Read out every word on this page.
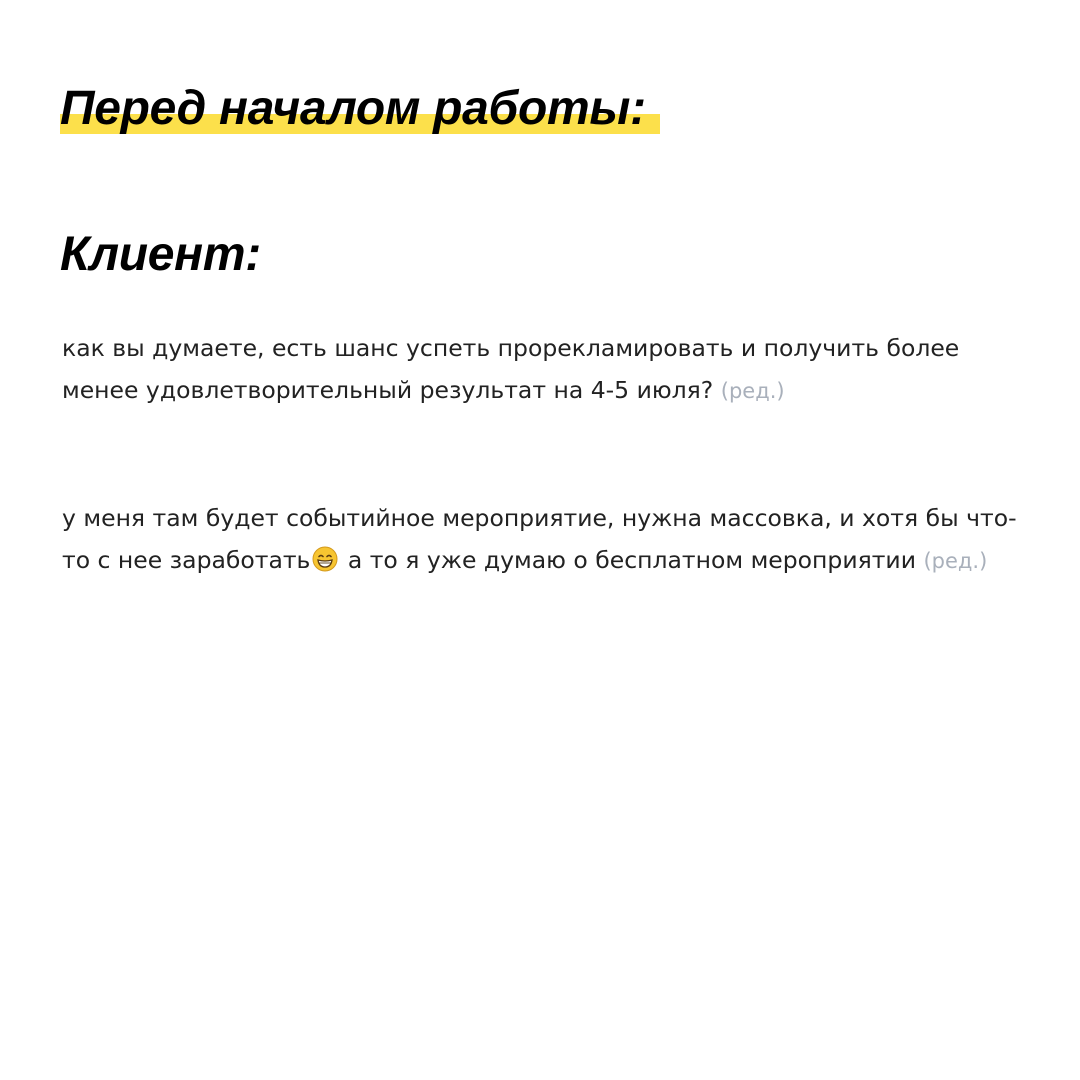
Перед началом работы:
Клиент:

как вы думаете, есть шанс успеть прорекламировать и получить более менее удовлетворительный результат на 4-5 июля? (ред.)

у меня там будет событийное мероприятие, нужна массовка, и хотя бы что-то с нее заработать а то я уже думаю о бесплатном мероприятии (ред.)
